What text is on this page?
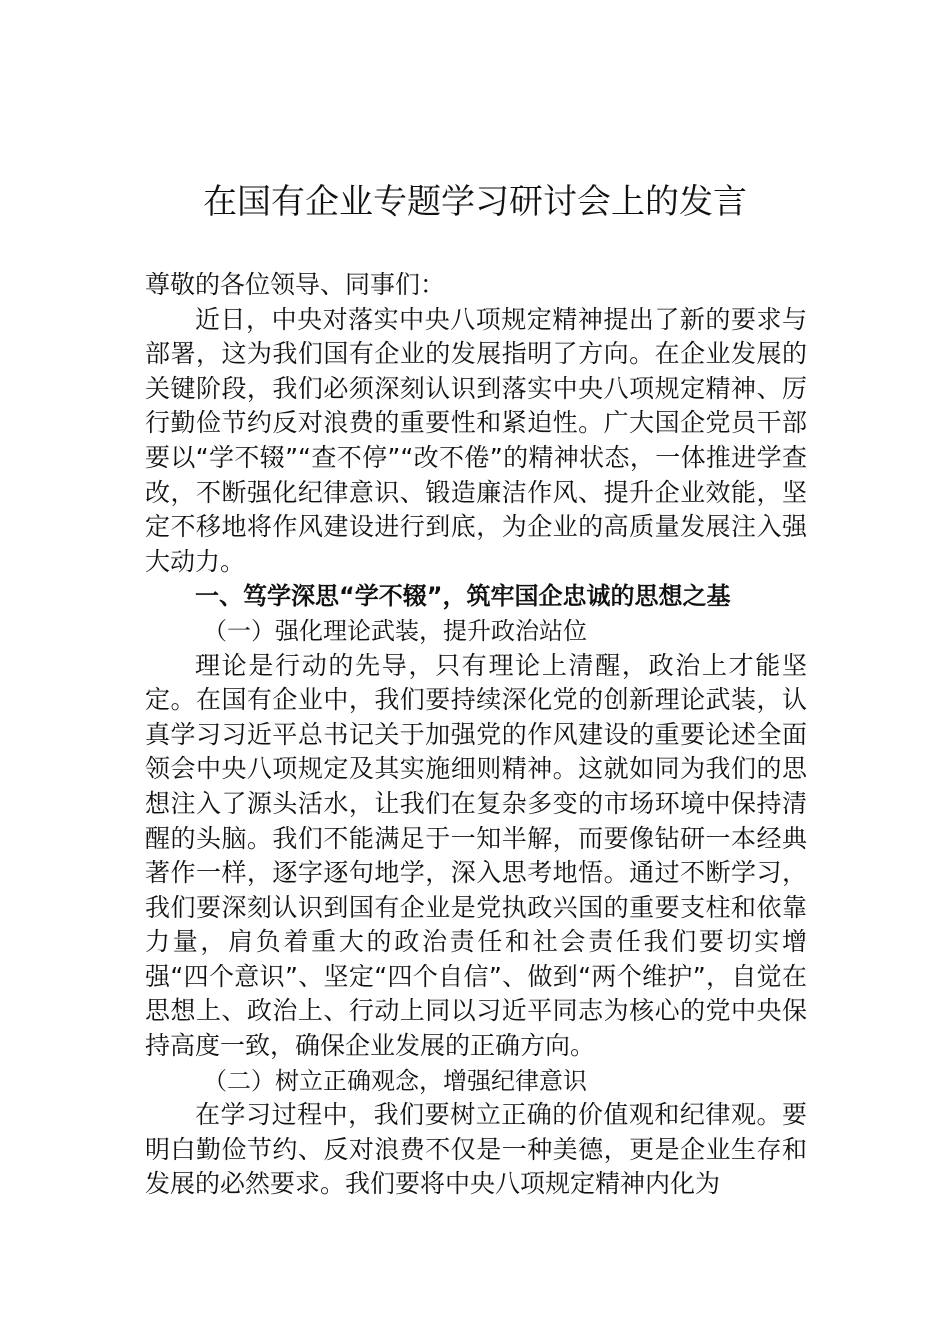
在国有企业专题学习研讨会上的发言

尊敬的各位领导、同事们：

近日，中央对落实中央八项规定精神提出了新的要求与部署，这为我们国有企业的发展指明了方向。在企业发展的关键阶段，我们必须深刻认识到落实中央八项规定精神、厉行勤俭节约反对浪费的重要性和紧迫性。广大国企党员干部要以“学不辍”“查不停”“改不倦”的精神状态，一体推进学查改，不断强化纪律意识、锻造廉洁作风、提升企业效能，坚定不移地将作风建设进行到底，为企业的高质量发展注入强大动力。

一、笃学深思“学不辍”，筑牢国企忠诚的思想之基

（一）强化理论武装，提升政治站位

理论是行动的先导，只有理论上清醒，政治上才能坚定。在国有企业中，我们要持续深化党的创新理论武装，认真学习习近平总书记关于加强党的作风建设的重要论述全面领会中央八项规定及其实施细则精神。这就如同为我们的思想注入了源头活水，让我们在复杂多变的市场环境中保持清醒的头脑。我们不能满足于一知半解，而要像钻研一本经典著作一样，逐字逐句地学，深入思考地悟。通过不断学习，我们要深刻认识到国有企业是党执政兴国的重要支柱和依靠力量，肩负着重大的政治责任和社会责任我们要切实增强“四个意识”、坚定“四个自信”、做到“两个维护”，自觉在思想上、政治上、行动上同以习近平同志为核心的党中央保持高度一致，确保企业发展的正确方向。

（二）树立正确观念，增强纪律意识

在学习过程中，我们要树立正确的价值观和纪律观。要明白勤俭节约、反对浪费不仅是一种美德，更是企业生存和发展的必然要求。我们要将中央八项规定精神内化为
